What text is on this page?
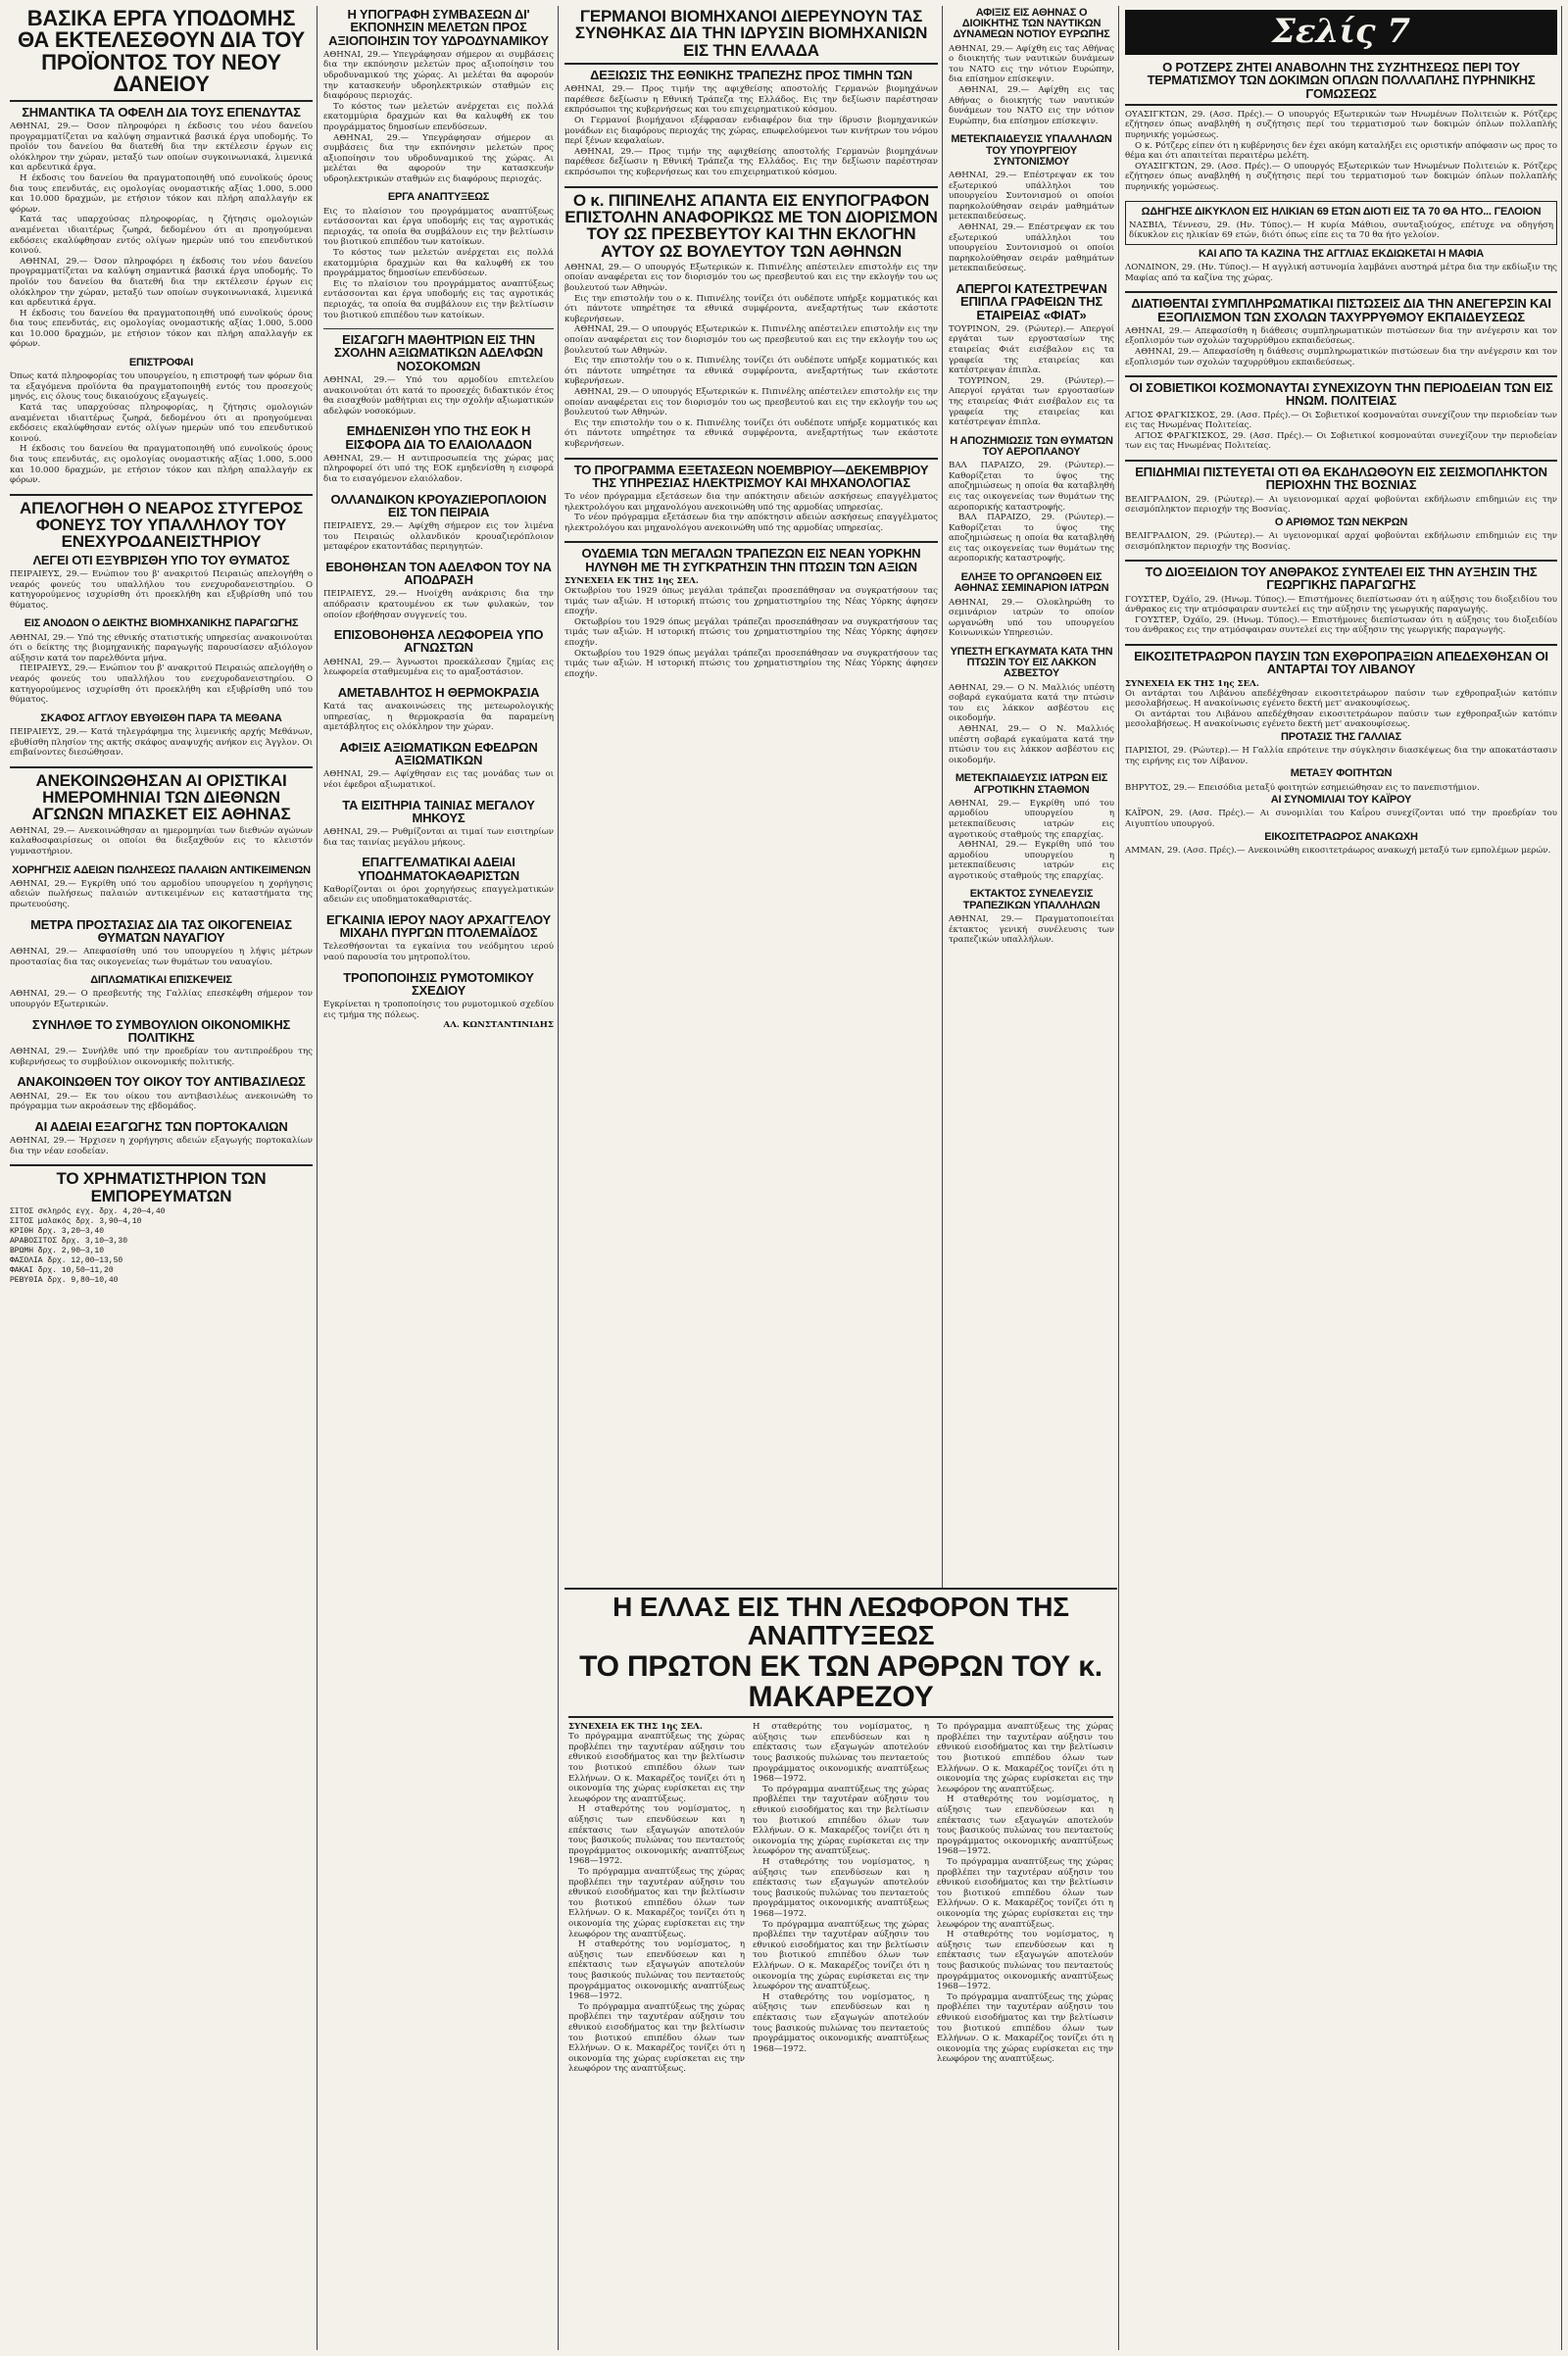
ΒΑΣΙΚΑ ΕΡΓΑ ΥΠΟΔΟΜΗΣ ΘΑ ΕΚΤΕΛΕΣΘΟΥΝ ΔΙΑ ΤΟΥ ΠΡΟΪΟΝΤΟΣ ΤΟΥ ΝΕΟΥ ΔΑΝΕΙΟΥ
ΣΗΜΑΝΤΙΚΑ ΤΑ ΟΦΕΛΗ ΔΙΑ ΤΟΥΣ ΕΠΕΝΔΥΤΑΣ

ΑΘΗΝΑΙ, 29.— Όσον πληροφόρει η έκδοσις του νέου δανείου προγραμματίζεται να καλύψη σημαντικά βασικά έργα υποδομής. Το προϊόν του δανείου θα διατεθή δια την εκτέλεσιν έργων εις ολόκληρον την χώραν, μεταξύ των οποίων συγκοινωνιακά, λιμενικά και αρδευτικά έργα.

Η έκδοσις του δανείου θα πραγματοποιηθή υπό ευνοϊκούς όρους δια τους επενδυτάς, εις ομολογίας ονομαστικής αξίας 1.000, 5.000 και 10.000 δραχμών, με ετήσιον τόκον και πλήρη απαλλαγήν εκ φόρων.

Κατά τας υπαρχούσας πληροφορίας, η ζήτησις ομολογιών αναμένεται ιδιαιτέρως ζωηρά, δεδομένου ότι αι προηγούμεναι εκδόσεις εκαλύφθησαν εντός ολίγων ημερών υπό του επενδυτικού κοινού.

ΑΘΗΝΑΙ, 29.— Όσον πληροφόρει η έκδοσις του νέου δανείου προγραμματίζεται να καλύψη σημαντικά βασικά έργα υποδομής. Το προϊόν του δανείου θα διατεθή δια την εκτέλεσιν έργων εις ολόκληρον την χώραν, μεταξύ των οποίων συγκοινωνιακά, λιμενικά και αρδευτικά έργα.

Η έκδοσις του δανείου θα πραγματοποιηθή υπό ευνοϊκούς όρους δια τους επενδυτάς, εις ομολογίας ονομαστικής αξίας 1.000, 5.000 και 10.000 δραχμών, με ετήσιον τόκον και πλήρη απαλλαγήν εκ φόρων.

ΕΠΙΣΤΡΟΦΑΙ

Όπως κατά πληροφορίας του υπουργείου, η επιστροφή των φόρων δια τα εξαγόμενα προϊόντα θα πραγματοποιηθή εντός του προσεχούς μηνός, εις όλους τους δικαιούχους εξαγωγείς.

Κατά τας υπαρχούσας πληροφορίας, η ζήτησις ομολογιών αναμένεται ιδιαιτέρως ζωηρά, δεδομένου ότι αι προηγούμεναι εκδόσεις εκαλύφθησαν εντός ολίγων ημερών υπό του επενδυτικού κοινού.

Η έκδοσις του δανείου θα πραγματοποιηθή υπό ευνοϊκούς όρους δια τους επενδυτάς, εις ομολογίας ονομαστικής αξίας 1.000, 5.000 και 10.000 δραχμών, με ετήσιον τόκον και πλήρη απαλλαγήν εκ φόρων.

ΑΠΕΛΟΓΗΘΗ Ο ΝΕΑΡΟΣ ΣΤΥΓΕΡΟΣ ΦΟΝΕΥΣ ΤΟΥ ΥΠΑΛΛΗΛΟΥ ΤΟΥ ΕΝΕΧΥΡΟΔΑΝΕΙΣΤΗΡΙΟΥ
ΛΕΓΕΙ ΟΤΙ ΕΞΥΒΡΙΣΘΗ ΥΠΟ ΤΟΥ ΘΥΜΑΤΟΣ

ΠΕΙΡΑΙΕΥΣ, 29.— Ενώπιον του β' ανακριτού Πειραιώς απελογήθη ο νεαρός φονεύς του υπαλλήλου του ενεχυροδανειστηρίου. Ο κατηγορούμενος ισχυρίσθη ότι προεκλήθη και εξυβρίσθη υπό του θύματος.

ΕΙΣ ΑΝΟΔΟΝ Ο ΔΕΙΚΤΗΣ ΒΙΟΜΗΧΑΝΙΚΗΣ ΠΑΡΑΓΩΓΗΣ

ΑΘΗΝΑΙ, 29.— Υπό της εθνικής στατιστικής υπηρεσίας ανακοινούται ότι ο δείκτης της βιομηχανικής παραγωγής παρουσίασεν αξιόλογον αύξησιν κατά τον παρελθόντα μήνα.

ΠΕΙΡΑΙΕΥΣ, 29.— Ενώπιον του β' ανακριτού Πειραιώς απελογήθη ο νεαρός φονεύς του υπαλλήλου του ενεχυροδανειστηρίου. Ο κατηγορούμενος ισχυρίσθη ότι προεκλήθη και εξυβρίσθη υπό του θύματος.

ΣΚΑΦΟΣ ΑΓΓΛΟΥ ΕΒΥΘΙΣΘΗ ΠΑΡΑ ΤΑ ΜΕΘΑΝΑ

ΠΕΙΡΑΙΕΥΣ, 29.— Κατά τηλεγράφημα της λιμενικής αρχής Μεθάνων, εβυθίσθη πλησίον της ακτής σκάφος αναψυχής ανήκον εις Άγγλον. Οι επιβαίνοντες διεσώθησαν.

ΑΝΕΚΟΙΝΩΘΗΣΑΝ ΑΙ ΟΡΙΣΤΙΚΑΙ ΗΜΕΡΟΜΗΝΙΑΙ ΤΩΝ ΔΙΕΘΝΩΝ ΑΓΩΝΩΝ ΜΠΑΣΚΕΤ ΕΙΣ ΑΘΗΝΑΣ

ΑΘΗΝΑΙ, 29.— Ανεκοινώθησαν αι ημερομηνίαι των διεθνών αγώνων καλαθοσφαιρίσεως οι οποίοι θα διεξαχθούν εις το κλειστόν γυμναστήριον.

ΧΟΡΗΓΗΣΙΣ ΑΔΕΙΩΝ ΠΩΛΗΣΕΩΣ ΠΑΛΑΙΩΝ ΑΝΤΙΚΕΙΜΕΝΩΝ

ΑΘΗΝΑΙ, 29.— Εγκρίθη υπό του αρμοδίου υπουργείου η χορήγησις αδειών πωλήσεως παλαιών αντικειμένων εις καταστήματα της πρωτευούσης.

ΜΕΤΡΑ ΠΡΟΣΤΑΣΙΑΣ ΔΙΑ ΤΑΣ ΟΙΚΟΓΕΝΕΙΑΣ ΘΥΜΑΤΩΝ ΝΑΥΑΓΙΟΥ

ΑΘΗΝΑΙ, 29.— Απεφασίσθη υπό του υπουργείου η λήψις μέτρων προστασίας δια τας οικογενείας των θυμάτων του ναυαγίου.

ΔΙΠΛΩΜΑΤΙΚΑΙ ΕΠΙΣΚΕΨΕΙΣ

ΑΘΗΝΑΙ, 29.— Ο πρεσβευτής της Γαλλίας επεσκέφθη σήμερον τον υπουργόν Εξωτερικών.

ΣΥΝΗΛΘΕ ΤΟ ΣΥΜΒΟΥΛΙΟΝ ΟΙΚΟΝΟΜΙΚΗΣ ΠΟΛΙΤΙΚΗΣ

ΑΘΗΝΑΙ, 29.— Συνήλθε υπό την προεδρίαν του αντιπροέδρου της κυβερνήσεως το συμβούλιον οικονομικής πολιτικής.

ΑΝΑΚΟΙΝΩΘΕΝ ΤΟΥ ΟΙΚΟΥ ΤΟΥ ΑΝΤΙΒΑΣΙΛΕΩΣ

ΑΘΗΝΑΙ, 29.— Εκ του οίκου του αντιβασιλέως ανεκοινώθη το πρόγραμμα των ακροάσεων της εβδομάδος.

ΑΙ ΑΔΕΙΑΙ ΕΞΑΓΩΓΗΣ ΤΩΝ ΠΟΡΤΟΚΑΛΙΩΝ

ΑΘΗΝΑΙ, 29.— Ήρχισεν η χορήγησις αδειών εξαγωγής πορτοκαλίων δια την νέαν εσοδείαν.

ΤΟ ΧΡΗΜΑΤΙΣΤΗΡΙΟΝ ΤΩΝ ΕΜΠΟΡΕΥΜΑΤΩΝ
ΣΙΤΟΣ σκληρός εγχ. δρχ. 4,20—4,40
ΣΙΤΟΣ μαλακός δρχ. 3,90—4,10
ΚΡΙΘΗ δρχ. 3,20—3,40
ΑΡΑΒΟΣΙΤΟΣ δρχ. 3,10—3,30
ΒΡΩΜΗ δρχ. 2,90—3,10
ΦΑΣΟΛΙΑ δρχ. 12,00—13,50
ΦΑΚΑΙ δρχ. 10,50—11,20
ΡΕΒΥΘΙΑ δρχ. 9,80—10,40
Η ΥΠΟΓΡΑΦΗ ΣΥΜΒΑΣΕΩΝ ΔΙ' ΕΚΠΟΝΗΣΙΝ ΜΕΛΕΤΩΝ ΠΡΟΣ ΑΞΙΟΠΟΙΗΣΙΝ ΤΟΥ ΥΔΡΟΔΥΝΑΜΙΚΟΥ

ΑΘΗΝΑΙ, 29.— Υπεγράφησαν σήμερον αι συμβάσεις δια την εκπόνησιν μελετών προς αξιοποίησιν του υδροδυναμικού της χώρας. Αι μελέται θα αφορούν την κατασκευήν υδροηλεκτρικών σταθμών εις διαφόρους περιοχάς.

Το κόστος των μελετών ανέρχεται εις πολλά εκατομμύρια δραχμών και θα καλυφθή εκ του προγράμματος δημοσίων επενδύσεων.

ΑΘΗΝΑΙ, 29.— Υπεγράφησαν σήμερον αι συμβάσεις δια την εκπόνησιν μελετών προς αξιοποίησιν του υδροδυναμικού της χώρας. Αι μελέται θα αφορούν την κατασκευήν υδροηλεκτρικών σταθμών εις διαφόρους περιοχάς.

ΕΡΓΑ ΑΝΑΠΤΥΞΕΩΣ

Εις το πλαίσιον του προγράμματος αναπτύξεως εντάσσονται και έργα υποδομής εις τας αγροτικάς περιοχάς, τα οποία θα συμβάλουν εις την βελτίωσιν του βιοτικού επιπέδου των κατοίκων.

Το κόστος των μελετών ανέρχεται εις πολλά εκατομμύρια δραχμών και θα καλυφθή εκ του προγράμματος δημοσίων επενδύσεων.

Εις το πλαίσιον του προγράμματος αναπτύξεως εντάσσονται και έργα υποδομής εις τας αγροτικάς περιοχάς, τα οποία θα συμβάλουν εις την βελτίωσιν του βιοτικού επιπέδου των κατοίκων.

ΕΙΣΑΓΩΓΗ ΜΑΘΗΤΡΙΩΝ ΕΙΣ ΤΗΝ ΣΧΟΛΗΝ ΑΞΙΩΜΑΤΙΚΩΝ ΑΔΕΛΦΩΝ ΝΟΣΟΚΟΜΩΝ

ΑΘΗΝΑΙ, 29.— Υπό του αρμοδίου επιτελείου ανακοινούται ότι κατά το προσεχές διδακτικόν έτος θα εισαχθούν μαθήτριαι εις την σχολήν αξιωματικών αδελφών νοσοκόμων.

ΕΜΗΔΕΝΙΣΘΗ ΥΠΟ ΤΗΣ ΕΟΚ Η ΕΙΣΦΟΡΑ ΔΙΑ ΤΟ ΕΛΑΙΟΛΑΔΟΝ

ΑΘΗΝΑΙ, 29.— Η αντιπροσωπεία της χώρας μας πληροφορεί ότι υπό της ΕΟΚ εμηδενίσθη η εισφορά δια το εισαγόμενον ελαιόλαδον.

ΟΛΛΑΝΔΙΚΟΝ ΚΡΟΥΑΖΙΕΡΟΠΛΟΙΟΝ ΕΙΣ ΤΟΝ ΠΕΙΡΑΙΑ

ΠΕΙΡΑΙΕΥΣ, 29.— Αφίχθη σήμερον εις τον λιμένα του Πειραιώς ολλανδικόν κρουαζιερόπλοιον μεταφέρον εκατοντάδας περιηγητών.

ΕΒΟΗΘΗΣΑΝ ΤΟΝ ΑΔΕΛΦΟΝ ΤΟΥ ΝΑ ΑΠΟΔΡΑΣΗ

ΠΕΙΡΑΙΕΥΣ, 29.— Ηνοίχθη ανάκρισις δια την απόδρασιν κρατουμένου εκ των φυλακών, τον οποίον εβοήθησαν συγγενείς του.

ΕΠΙΣΟΒΟΗΘΗΣΑ ΛΕΩΦΟΡΕΙΑ ΥΠΟ ΑΓΝΩΣΤΩΝ

ΑΘΗΝΑΙ, 29.— Άγνωστοι προεκάλεσαν ζημίας εις λεωφορεία σταθμευμένα εις το αμαξοστάσιον.

ΑΜΕΤΑΒΛΗΤΟΣ Η ΘΕΡΜΟΚΡΑΣΙΑ

Κατά τας ανακοινώσεις της μετεωρολογικής υπηρεσίας, η θερμοκρασία θα παραμείνη αμετάβλητος εις ολόκληρον την χώραν.

ΑΦΙΞΙΣ ΑΞΙΩΜΑΤΙΚΩΝ ΕΦΕΔΡΩΝ ΑΞΙΩΜΑΤΙΚΩΝ

ΑΘΗΝΑΙ, 29.— Αφίχθησαν εις τας μονάδας των οι νέοι έφεδροι αξιωματικοί.

ΤΑ ΕΙΣΙΤΗΡΙΑ ΤΑΙΝΙΑΣ ΜΕΓΑΛΟΥ ΜΗΚΟΥΣ

ΑΘΗΝΑΙ, 29.— Ρυθμίζονται αι τιμαί των εισιτηρίων δια τας ταινίας μεγάλου μήκους.

ΕΠΑΓΓΕΛΜΑΤΙΚΑΙ ΑΔΕΙΑΙ ΥΠΟΔΗΜΑΤΟΚΑΘΑΡΙΣΤΩΝ

Καθορίζονται οι όροι χορηγήσεως επαγγελματικών αδειών εις υποδηματοκαθαριστάς.

ΕΓΚΑΙΝΙΑ ΙΕΡΟΥ ΝΑΟΥ ΑΡΧΑΓΓΕΛΟΥ ΜΙΧΑΗΛ ΠΥΡΓΩΝ ΠΤΟΛΕΜΑΪΔΟΣ

Τελεσθήσονται τα εγκαίνια του νεόδμητου ιερού ναού παρουσία του μητροπολίτου.

ΤΡΟΠΟΠΟΙΗΣΙΣ ΡΥΜΟΤΟΜΙΚΟΥ ΣΧΕΔΙΟΥ

Εγκρίνεται η τροποποίησις του ρυμοτομικού σχεδίου εις τμήμα της πόλεως.

ΑΛ. ΚΩΝΣΤΑΝΤΙΝΙΔΗΣ
ΓΕΡΜΑΝΟΙ ΒΙΟΜΗΧΑΝΟΙ ΔΙΕΡΕΥΝΟΥΝ ΤΑΣ ΣΥΝΘΗΚΑΣ ΔΙΑ ΤΗΝ ΙΔΡΥΣΙΝ ΒΙΟΜΗΧΑΝΙΩΝ ΕΙΣ ΤΗΝ ΕΛΛΑΔΑ
ΔΕΞΙΩΣΙΣ ΤΗΣ ΕΘΝΙΚΗΣ ΤΡΑΠΕΖΗΣ ΠΡΟΣ ΤΙΜΗΝ ΤΩΝ

ΑΘΗΝΑΙ, 29.— Προς τιμήν της αφιχθείσης αποστολής Γερμανών βιομηχάνων παρέθεσε δεξίωσιν η Εθνική Τράπεζα της Ελλάδος. Εις την δεξίωσιν παρέστησαν εκπρόσωποι της κυβερνήσεως και του επιχειρηματικού κόσμου.

Οι Γερμανοί βιομήχανοι εξέφρασαν ενδιαφέρον δια την ίδρυσιν βιομηχανικών μονάδων εις διαφόρους περιοχάς της χώρας, επωφελούμενοι των κινήτρων του νόμου περί ξένων κεφαλαίων.

ΑΘΗΝΑΙ, 29.— Προς τιμήν της αφιχθείσης αποστολής Γερμανών βιομηχάνων παρέθεσε δεξίωσιν η Εθνική Τράπεζα της Ελλάδος. Εις την δεξίωσιν παρέστησαν εκπρόσωποι της κυβερνήσεως και του επιχειρηματικού κόσμου.

Ο κ. ΠΙΠΙΝΕΛΗΣ ΑΠΑΝΤΑ ΕΙΣ ΕΝΥΠΟΓΡΑΦΟΝ ΕΠΙΣΤΟΛΗΝ ΑΝΑΦΟΡΙΚΩΣ ΜΕ ΤΟΝ ΔΙΟΡΙΣΜΟΝ ΤΟΥ ΩΣ ΠΡΕΣΒΕΥΤΟΥ ΚΑΙ ΤΗΝ ΕΚΛΟΓΗΝ ΑΥΤΟΥ ΩΣ ΒΟΥΛΕΥΤΟΥ ΤΩΝ ΑΘΗΝΩΝ

ΑΘΗΝΑΙ, 29.— Ο υπουργός Εξωτερικών κ. Πιπινέλης απέστειλεν επιστολήν εις την οποίαν αναφέρεται εις τον διορισμόν του ως πρεσβευτού και εις την εκλογήν του ως βουλευτού των Αθηνών.

Εις την επιστολήν του ο κ. Πιπινέλης τονίζει ότι ουδέποτε υπήρξε κομματικός και ότι πάντοτε υπηρέτησε τα εθνικά συμφέροντα, ανεξαρτήτως των εκάστοτε κυβερνήσεων.

ΑΘΗΝΑΙ, 29.— Ο υπουργός Εξωτερικών κ. Πιπινέλης απέστειλεν επιστολήν εις την οποίαν αναφέρεται εις τον διορισμόν του ως πρεσβευτού και εις την εκλογήν του ως βουλευτού των Αθηνών.

Εις την επιστολήν του ο κ. Πιπινέλης τονίζει ότι ουδέποτε υπήρξε κομματικός και ότι πάντοτε υπηρέτησε τα εθνικά συμφέροντα, ανεξαρτήτως των εκάστοτε κυβερνήσεων.

ΑΘΗΝΑΙ, 29.— Ο υπουργός Εξωτερικών κ. Πιπινέλης απέστειλεν επιστολήν εις την οποίαν αναφέρεται εις τον διορισμόν του ως πρεσβευτού και εις την εκλογήν του ως βουλευτού των Αθηνών.

Εις την επιστολήν του ο κ. Πιπινέλης τονίζει ότι ουδέποτε υπήρξε κομματικός και ότι πάντοτε υπηρέτησε τα εθνικά συμφέροντα, ανεξαρτήτως των εκάστοτε κυβερνήσεων.

ΤΟ ΠΡΟΓΡΑΜΜΑ ΕΞΕΤΑΣΕΩΝ ΝΟΕΜΒΡΙΟΥ—ΔΕΚΕΜΒΡΙΟΥ ΤΗΣ ΥΠΗΡΕΣΙΑΣ ΗΛΕΚΤΡΙΣΜΟΥ ΚΑΙ ΜΗΧΑΝΟΛΟΓΙΑΣ

Το νέον πρόγραμμα εξετάσεων δια την απόκτησιν αδειών ασκήσεως επαγγέλματος ηλεκτρολόγου και μηχανολόγου ανεκοινώθη υπό της αρμοδίας υπηρεσίας.

Το νέον πρόγραμμα εξετάσεων δια την απόκτησιν αδειών ασκήσεως επαγγέλματος ηλεκτρολόγου και μηχανολόγου ανεκοινώθη υπό της αρμοδίας υπηρεσίας.

ΟΥΔΕΜΙΑ ΤΩΝ ΜΕΓΑΛΩΝ ΤΡΑΠΕΖΩΝ ΕΙΣ ΝΕΑΝ ΥΟΡΚΗΝ ΗΛΥΝΘΗ ΜΕ ΤΗ ΣΥΓΚΡΑΤΗΣΙΝ ΤΗΝ ΠΤΩΣΙΝ ΤΩΝ ΑΞΙΩΝ
ΣΥΝΕΧΕΙΑ ΕΚ ΤΗΣ 1ης ΣΕΛ.

Οκτωβρίου του 1929 όπως μεγάλαι τράπεζαι προσεπάθησαν να συγκρατήσουν τας τιμάς των αξιών. Η ιστορική πτώσις του χρηματιστηρίου της Νέας Υόρκης άφησεν εποχήν.

Οκτωβρίου του 1929 όπως μεγάλαι τράπεζαι προσεπάθησαν να συγκρατήσουν τας τιμάς των αξιών. Η ιστορική πτώσις του χρηματιστηρίου της Νέας Υόρκης άφησεν εποχήν.

Οκτωβρίου του 1929 όπως μεγάλαι τράπεζαι προσεπάθησαν να συγκρατήσουν τας τιμάς των αξιών. Η ιστορική πτώσις του χρηματιστηρίου της Νέας Υόρκης άφησεν εποχήν.

ΑΦΙΞΙΣ ΕΙΣ ΑΘΗΝΑΣ Ο ΔΙΟΙΚΗΤΗΣ ΤΩΝ ΝΑΥΤΙΚΩΝ ΔΥΝΑΜΕΩΝ ΝΟΤΙΟΥ ΕΥΡΩΠΗΣ

ΑΘΗΝΑΙ, 29.— Αφίχθη εις τας Αθήνας ο διοικητής των ναυτικών δυνάμεων του ΝΑΤΟ εις την νότιον Ευρώπην, δια επίσημον επίσκεψιν.

ΑΘΗΝΑΙ, 29.— Αφίχθη εις τας Αθήνας ο διοικητής των ναυτικών δυνάμεων του ΝΑΤΟ εις την νότιον Ευρώπην, δια επίσημον επίσκεψιν.

ΜΕΤΕΚΠΑΙΔΕΥΣΙΣ ΥΠΑΛΛΗΛΩΝ ΤΟΥ ΥΠΟΥΡΓΕΙΟΥ ΣΥΝΤΟΝΙΣΜΟΥ

ΑΘΗΝΑΙ, 29.— Επέστρεψαν εκ του εξωτερικού υπάλληλοι του υπουργείου Συντονισμού οι οποίοι παρηκολούθησαν σειράν μαθημάτων μετεκπαιδεύσεως.

ΑΘΗΝΑΙ, 29.— Επέστρεψαν εκ του εξωτερικού υπάλληλοι του υπουργείου Συντονισμού οι οποίοι παρηκολούθησαν σειράν μαθημάτων μετεκπαιδεύσεως.

ΑΠΕΡΓΟΙ ΚΑΤΕΣΤΡΕΨΑΝ ΕΠΙΠΛΑ ΓΡΑΦΕΙΩΝ ΤΗΣ ΕΤΑΙΡΕΙΑΣ «ΦΙΑΤ»

ΤΟΥΡΙΝΟΝ, 29. (Ρώυτερ).— Απεργοί εργάται των εργοστασίων της εταιρείας Φιάτ εισέβαλον εις τα γραφεία της εταιρείας και κατέστρεψαν έπιπλα.

ΤΟΥΡΙΝΟΝ, 29. (Ρώυτερ).— Απεργοί εργάται των εργοστασίων της εταιρείας Φιάτ εισέβαλον εις τα γραφεία της εταιρείας και κατέστρεψαν έπιπλα.

Η ΑΠΟΖΗΜΙΩΣΙΣ ΤΩΝ ΘΥΜΑΤΩΝ ΤΟΥ ΑΕΡΟΠΛΑΝΟΥ

ΒΑΛ ΠΑΡΑΙΖΟ, 29. (Ρώυτερ).— Καθορίζεται το ύψος της αποζημιώσεως η οποία θα καταβληθή εις τας οικογενείας των θυμάτων της αεροπορικής καταστροφής.

ΒΑΛ ΠΑΡΑΙΖΟ, 29. (Ρώυτερ).— Καθορίζεται το ύψος της αποζημιώσεως η οποία θα καταβληθή εις τας οικογενείας των θυμάτων της αεροπορικής καταστροφής.

ΕΛΗΞΕ ΤΟ ΟΡΓΑΝΩΘΕΝ ΕΙΣ ΑΘΗΝΑΣ ΣΕΜΙΝΑΡΙΟΝ ΙΑΤΡΩΝ

ΑΘΗΝΑΙ, 29.— Ολοκληρώθη το σεμινάριον ιατρών το οποίον ωργανώθη υπό του υπουργείου Κοινωνικών Υπηρεσιών.

ΥΠΕΣΤΗ ΕΓΚΑΥΜΑΤΑ ΚΑΤΑ ΤΗΝ ΠΤΩΣΙΝ ΤΟΥ ΕΙΣ ΛΑΚΚΟΝ ΑΣΒΕΣΤΟΥ

ΑΘΗΝΑΙ, 29.— Ο Ν. Μαλλιός υπέστη σοβαρά εγκαύματα κατά την πτώσιν του εις λάκκον ασβέστου εις οικοδομήν.

ΑΘΗΝΑΙ, 29.— Ο Ν. Μαλλιός υπέστη σοβαρά εγκαύματα κατά την πτώσιν του εις λάκκον ασβέστου εις οικοδομήν.

ΜΕΤΕΚΠΑΙΔΕΥΣΙΣ ΙΑΤΡΩΝ ΕΙΣ ΑΓΡΟΤΙΚΗΝ ΣΤΑΘΜΟΝ

ΑΘΗΝΑΙ, 29.— Εγκρίθη υπό του αρμοδίου υπουργείου η μετεκπαίδευσις ιατρών εις αγροτικούς σταθμούς της επαρχίας.

ΑΘΗΝΑΙ, 29.— Εγκρίθη υπό του αρμοδίου υπουργείου η μετεκπαίδευσις ιατρών εις αγροτικούς σταθμούς της επαρχίας.

ΕΚΤΑΚΤΟΣ ΣΥΝΕΛΕΥΣΙΣ ΤΡΑΠΕΖΙΚΩΝ ΥΠΑΛΛΗΛΩΝ

ΑΘΗΝΑΙ, 29.— Πραγματοποιείται έκτακτος γενική συνέλευσις των τραπεζικών υπαλλήλων.

Σελίς 7
Ο ΡΟΤΖΕΡΣ ΖΗΤΕΙ ΑΝΑΒΟΛΗΝ ΤΗΣ ΣΥΖΗΤΗΣΕΩΣ ΠΕΡΙ ΤΟΥ ΤΕΡΜΑΤΙΣΜΟΥ ΤΩΝ ΔΟΚΙΜΩΝ ΟΠΛΩΝ ΠΟΛΛΑΠΛΗΣ ΠΥΡΗΝΙΚΗΣ ΓΟΜΩΣΕΩΣ

ΟΥΑΣΙΓΚΤΩΝ, 29. (Ασσ. Πρές).— Ο υπουργός Εξωτερικών των Ηνωμένων Πολιτειών κ. Ρότζερς εζήτησεν όπως αναβληθή η συζήτησις περί του τερματισμού των δοκιμών όπλων πολλαπλής πυρηνικής γομώσεως.

Ο κ. Ρότζερς είπεν ότι η κυβέρνησις δεν έχει ακόμη καταλήξει εις οριστικήν απόφασιν ως προς το θέμα και ότι απαιτείται περαιτέρω μελέτη.

ΟΥΑΣΙΓΚΤΩΝ, 29. (Ασσ. Πρές).— Ο υπουργός Εξωτερικών των Ηνωμένων Πολιτειών κ. Ρότζερς εζήτησεν όπως αναβληθή η συζήτησις περί του τερματισμού των δοκιμών όπλων πολλαπλής πυρηνικής γομώσεως.

ΩΔΗΓΗΣΕ ΔΙΚΥΚΛΟΝ ΕΙΣ ΗΛΙΚΙΑΝ 69 ΕΤΩΝ ΔΙΟΤΙ ΕΙΣ ΤΑ 70 ΘΑ ΗΤΟ... ΓΕΛΟΙΟΝ

ΝΑΣΒΙΛ, Τέννεσυ, 29. (Ην. Τύπος).— Η κυρία Μάθιου, συνταξιούχος, επέτυχε να οδηγήση δίκυκλον εις ηλικίαν 69 ετών, διότι όπως είπε εις τα 70 θα ήτο γελοίον.

ΚΑΙ ΑΠΟ ΤΑ ΚΑΖΙΝΑ ΤΗΣ ΑΓΓΛΙΑΣ ΕΚΔΙΩΚΕΤΑΙ Η ΜΑΦΙΑ

ΛΟΝΔΙΝΟΝ, 29. (Ην. Τύπος).— Η αγγλική αστυνομία λαμβάνει αυστηρά μέτρα δια την εκδίωξιν της Μαφίας από τα καζίνα της χώρας.

ΔΙΑΤΙΘΕΝΤΑΙ ΣΥΜΠΛΗΡΩΜΑΤΙΚΑΙ ΠΙΣΤΩΣΕΙΣ ΔΙΑ ΤΗΝ ΑΝΕΓΕΡΣΙΝ ΚΑΙ ΕΞΟΠΛΙΣΜΟΝ ΤΩΝ ΣΧΟΛΩΝ ΤΑΧΥΡΡΥΘΜΟΥ ΕΚΠΑΙΔΕΥΣΕΩΣ

ΑΘΗΝΑΙ, 29.— Απεφασίσθη η διάθεσις συμπληρωματικών πιστώσεων δια την ανέγερσιν και τον εξοπλισμόν των σχολών ταχυρρύθμου εκπαιδεύσεως.

ΑΘΗΝΑΙ, 29.— Απεφασίσθη η διάθεσις συμπληρωματικών πιστώσεων δια την ανέγερσιν και τον εξοπλισμόν των σχολών ταχυρρύθμου εκπαιδεύσεως.

ΟΙ ΣΟΒΙΕΤΙΚΟΙ ΚΟΣΜΟΝΑΥΤΑΙ ΣΥΝΕΧΙΖΟΥΝ ΤΗΝ ΠΕΡΙΟΔΕΙΑΝ ΤΩΝ ΕΙΣ ΗΝΩΜ. ΠΟΛΙΤΕΙΑΣ

ΑΓΙΟΣ ΦΡΑΓΚΙΣΚΟΣ, 29. (Ασσ. Πρές).— Οι Σοβιετικοί κοσμοναύται συνεχίζουν την περιοδείαν των εις τας Ηνωμένας Πολιτείας.

ΑΓΙΟΣ ΦΡΑΓΚΙΣΚΟΣ, 29. (Ασσ. Πρές).— Οι Σοβιετικοί κοσμοναύται συνεχίζουν την περιοδείαν των εις τας Ηνωμένας Πολιτείας.

ΕΠΙΔΗΜΙΑΙ ΠΙΣΤΕΥΕΤΑΙ ΟΤΙ ΘΑ ΕΚΔΗΛΩΘΟΥΝ ΕΙΣ ΣΕΙΣΜΟΠΛΗΚΤΟΝ ΠΕΡΙΟΧΗΝ ΤΗΣ ΒΟΣΝΙΑΣ

ΒΕΛΙΓΡΑΔΙΟΝ, 29. (Ρώυτερ).— Αι υγειονομικαί αρχαί φοβούνται εκδήλωσιν επιδημιών εις την σεισμόπληκτον περιοχήν της Βοσνίας.

Ο ΑΡΙΘΜΟΣ ΤΩΝ ΝΕΚΡΩΝ

ΒΕΛΙΓΡΑΔΙΟΝ, 29. (Ρώυτερ).— Αι υγειονομικαί αρχαί φοβούνται εκδήλωσιν επιδημιών εις την σεισμόπληκτον περιοχήν της Βοσνίας.

ΤΟ ΔΙΟΞΕΙΔΙΟΝ ΤΟΥ ΑΝΘΡΑΚΟΣ ΣΥΝΤΕΛΕΙ ΕΙΣ ΤΗΝ ΑΥΞΗΣΙΝ ΤΗΣ ΓΕΩΡΓΙΚΗΣ ΠΑΡΑΓΩΓΗΣ

ΓΟΥΣΤΕΡ, Όχάϊο, 29. (Ηνωμ. Τύπος).— Επιστήμονες διεπίστωσαν ότι η αύξησις του διοξειδίου του άνθρακος εις την ατμόσφαιραν συντελεί εις την αύξησιν της γεωργικής παραγωγής.

ΓΟΥΣΤΕΡ, Όχάϊο, 29. (Ηνωμ. Τύπος).— Επιστήμονες διεπίστωσαν ότι η αύξησις του διοξειδίου του άνθρακος εις την ατμόσφαιραν συντελεί εις την αύξησιν της γεωργικής παραγωγής.

ΕΙΚΟΣΙΤΕΤΡΑΩΡΟΝ ΠΑΥΣΙΝ ΤΩΝ ΕΧΘΡΟΠΡΑΞΙΩΝ ΑΠΕΔΕΧΘΗΣΑΝ ΟΙ ΑΝΤΑΡΤΑΙ ΤΟΥ ΛΙΒΑΝΟΥ
ΣΥΝΕΧΕΙΑ ΕΚ ΤΗΣ 1ης ΣΕΛ.

Οι αντάρται του Λιβάνου απεδέχθησαν εικοσιτετράωρον παύσιν των εχθροπραξιών κατόπιν μεσολαβήσεως. Η ανακοίνωσις εγένετο δεκτή μετ' ανακουφίσεως.

Οι αντάρται του Λιβάνου απεδέχθησαν εικοσιτετράωρον παύσιν των εχθροπραξιών κατόπιν μεσολαβήσεως. Η ανακοίνωσις εγένετο δεκτή μετ' ανακουφίσεως.

ΠΡΟΤΑΣΙΣ ΤΗΣ ΓΑΛΛΙΑΣ

ΠΑΡΙΣΙΟΙ, 29. (Ρώυτερ).— Η Γαλλία επρότεινε την σύγκλησιν διασκέψεως δια την αποκατάστασιν της ειρήνης εις τον Λίβανον.

ΜΕΤΑΞΥ ΦΟΙΤΗΤΩΝ

ΒΗΡΥΤΟΣ, 29.— Επεισόδια μεταξύ φοιτητών εσημειώθησαν εις το πανεπιστήμιον.

ΑΙ ΣΥΝΟΜΙΛΙΑΙ ΤΟΥ ΚΑΪΡΟΥ

ΚΑΪΡΟΝ, 29. (Ασσ. Πρές).— Αι συνομιλίαι του Καΐρου συνεχίζονται υπό την προεδρίαν του Αιγυπτίου υπουργού.

ΕΙΚΟΣΙΤΕΤΡΑΩΡΟΣ ΑΝΑΚΩΧΗ

ΑΜΜΑΝ, 29. (Ασσ. Πρές).— Ανεκοινώθη εικοσιτετράωρος ανακωχή μεταξύ των εμπολέμων μερών.

Η ΕΛΛΑΣ ΕΙΣ ΤΗΝ ΛΕΩΦΟΡΟΝ ΤΗΣ ΑΝΑΠΤΥΞΕΩΣ
ΤΟ ΠΡΩΤΟΝ ΕΚ ΤΩΝ ΑΡΘΡΩΝ ΤΟΥ κ. ΜΑΚΑΡΕΖΟΥ
ΣΥΝΕΧΕΙΑ ΕΚ ΤΗΣ 1ης ΣΕΛ.

Το πρόγραμμα αναπτύξεως της χώρας προβλέπει την ταχυτέραν αύξησιν του εθνικού εισοδήματος και την βελτίωσιν του βιοτικού επιπέδου όλων των Ελλήνων. Ο κ. Μακαρέζος τονίζει ότι η οικονομία της χώρας ευρίσκεται εις την λεωφόρον της αναπτύξεως.

Η σταθερότης του νομίσματος, η αύξησις των επενδύσεων και η επέκτασις των εξαγωγών αποτελούν τους βασικούς πυλώνας του πενταετούς προγράμματος οικονομικής αναπτύξεως 1968—1972.

Το πρόγραμμα αναπτύξεως της χώρας προβλέπει την ταχυτέραν αύξησιν του εθνικού εισοδήματος και την βελτίωσιν του βιοτικού επιπέδου όλων των Ελλήνων. Ο κ. Μακαρέζος τονίζει ότι η οικονομία της χώρας ευρίσκεται εις την λεωφόρον της αναπτύξεως.

Η σταθερότης του νομίσματος, η αύξησις των επενδύσεων και η επέκτασις των εξαγωγών αποτελούν τους βασικούς πυλώνας του πενταετούς προγράμματος οικονομικής αναπτύξεως 1968—1972.

Το πρόγραμμα αναπτύξεως της χώρας προβλέπει την ταχυτέραν αύξησιν του εθνικού εισοδήματος και την βελτίωσιν του βιοτικού επιπέδου όλων των Ελλήνων. Ο κ. Μακαρέζος τονίζει ότι η οικονομία της χώρας ευρίσκεται εις την λεωφόρον της αναπτύξεως.

Η σταθερότης του νομίσματος, η αύξησις των επενδύσεων και η επέκτασις των εξαγωγών αποτελούν τους βασικούς πυλώνας του πενταετούς προγράμματος οικονομικής αναπτύξεως 1968—1972.

Το πρόγραμμα αναπτύξεως της χώρας προβλέπει την ταχυτέραν αύξησιν του εθνικού εισοδήματος και την βελτίωσιν του βιοτικού επιπέδου όλων των Ελλήνων. Ο κ. Μακαρέζος τονίζει ότι η οικονομία της χώρας ευρίσκεται εις την λεωφόρον της αναπτύξεως.

Η σταθερότης του νομίσματος, η αύξησις των επενδύσεων και η επέκτασις των εξαγωγών αποτελούν τους βασικούς πυλώνας του πενταετούς προγράμματος οικονομικής αναπτύξεως 1968—1972.

Το πρόγραμμα αναπτύξεως της χώρας προβλέπει την ταχυτέραν αύξησιν του εθνικού εισοδήματος και την βελτίωσιν του βιοτικού επιπέδου όλων των Ελλήνων. Ο κ. Μακαρέζος τονίζει ότι η οικονομία της χώρας ευρίσκεται εις την λεωφόρον της αναπτύξεως.

Η σταθερότης του νομίσματος, η αύξησις των επενδύσεων και η επέκτασις των εξαγωγών αποτελούν τους βασικούς πυλώνας του πενταετούς προγράμματος οικονομικής αναπτύξεως 1968—1972.

Το πρόγραμμα αναπτύξεως της χώρας προβλέπει την ταχυτέραν αύξησιν του εθνικού εισοδήματος και την βελτίωσιν του βιοτικού επιπέδου όλων των Ελλήνων. Ο κ. Μακαρέζος τονίζει ότι η οικονομία της χώρας ευρίσκεται εις την λεωφόρον της αναπτύξεως.

Η σταθερότης του νομίσματος, η αύξησις των επενδύσεων και η επέκτασις των εξαγωγών αποτελούν τους βασικούς πυλώνας του πενταετούς προγράμματος οικονομικής αναπτύξεως 1968—1972.

Το πρόγραμμα αναπτύξεως της χώρας προβλέπει την ταχυτέραν αύξησιν του εθνικού εισοδήματος και την βελτίωσιν του βιοτικού επιπέδου όλων των Ελλήνων. Ο κ. Μακαρέζος τονίζει ότι η οικονομία της χώρας ευρίσκεται εις την λεωφόρον της αναπτύξεως.

Η σταθερότης του νομίσματος, η αύξησις των επενδύσεων και η επέκτασις των εξαγωγών αποτελούν τους βασικούς πυλώνας του πενταετούς προγράμματος οικονομικής αναπτύξεως 1968—1972.

Το πρόγραμμα αναπτύξεως της χώρας προβλέπει την ταχυτέραν αύξησιν του εθνικού εισοδήματος και την βελτίωσιν του βιοτικού επιπέδου όλων των Ελλήνων. Ο κ. Μακαρέζος τονίζει ότι η οικονομία της χώρας ευρίσκεται εις την λεωφόρον της αναπτύξεως.
